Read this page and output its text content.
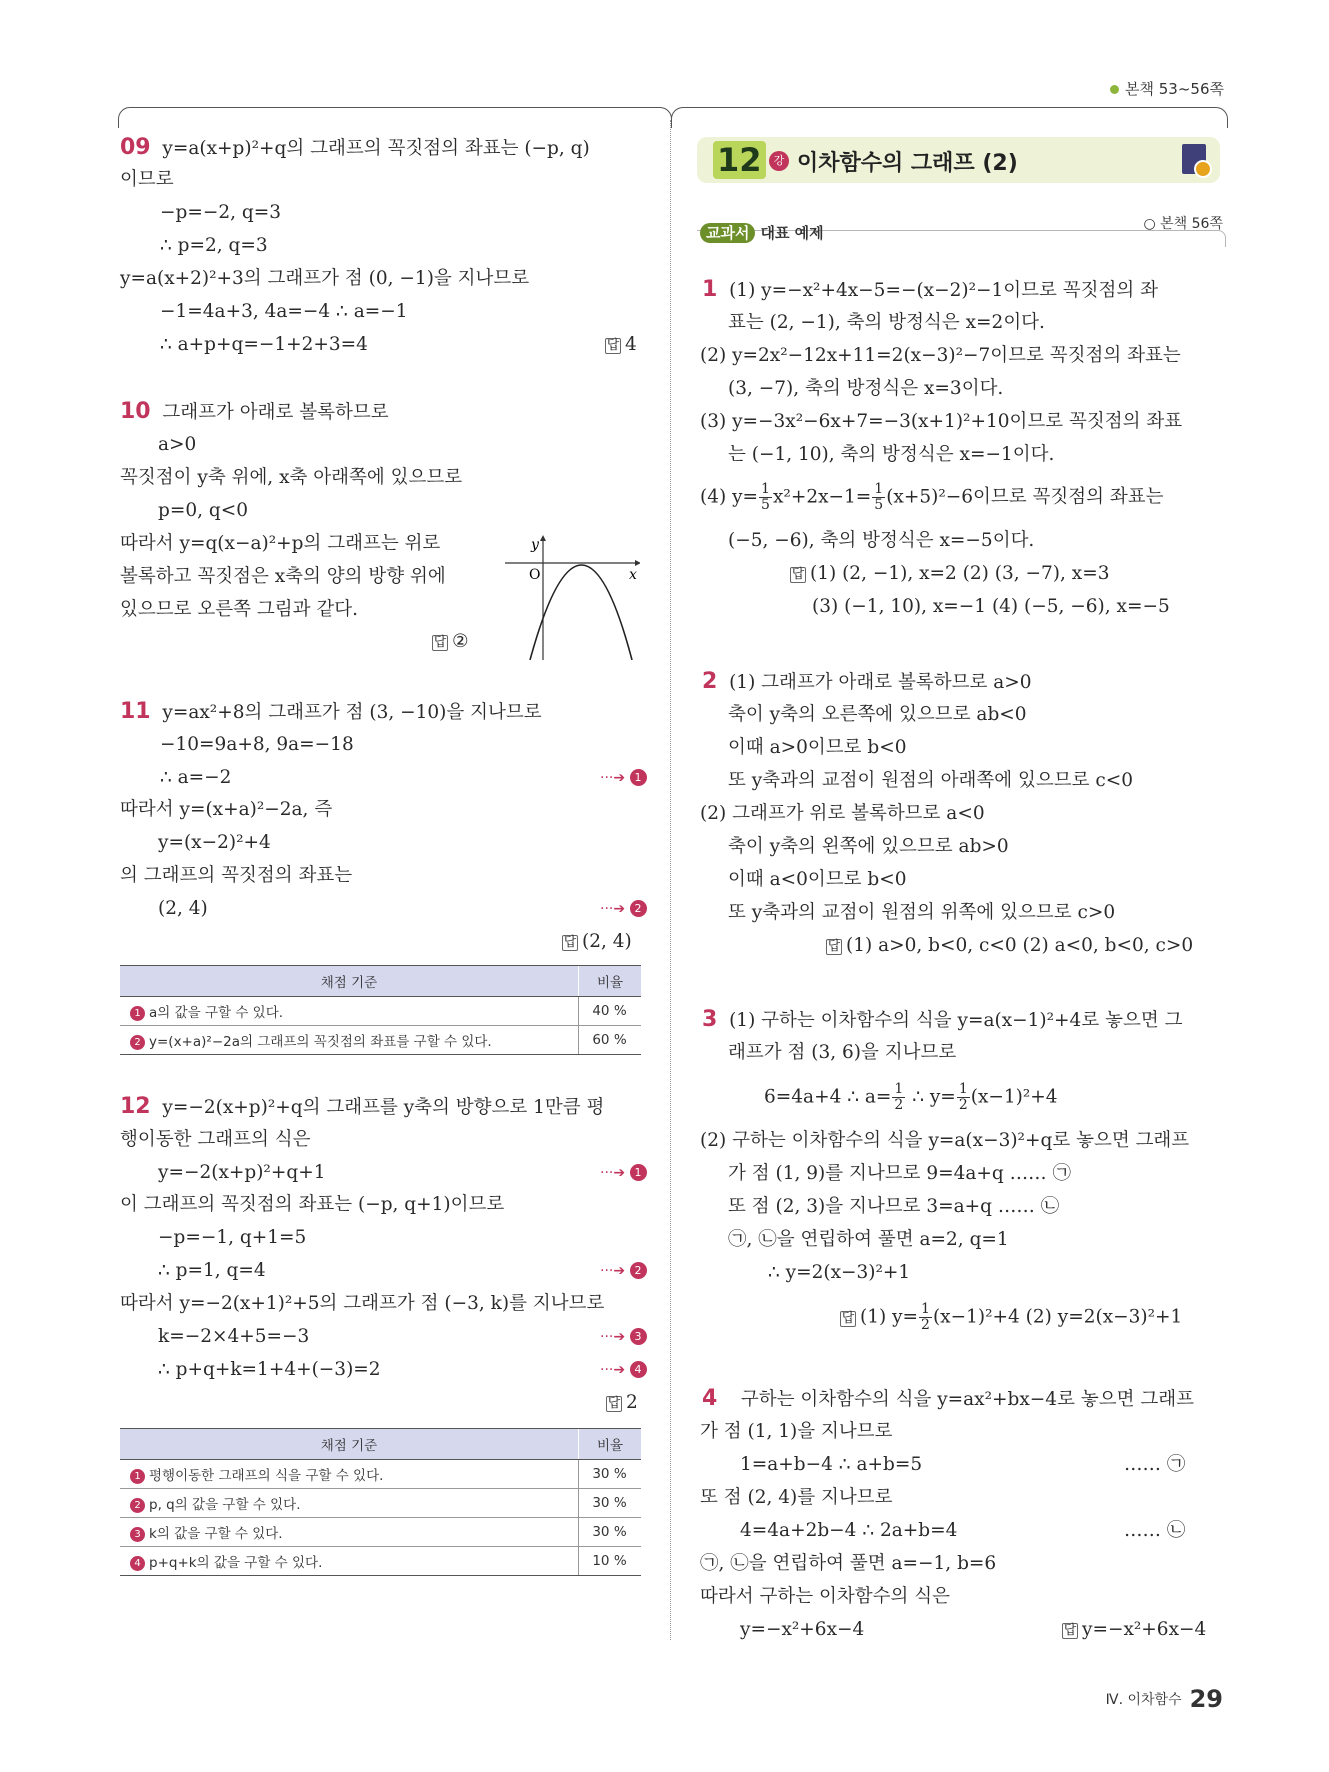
본책 53~56쪽
09 y=a(x+p)²+q의 그래프의 꼭짓점의 좌표는 (−p, q)
이므로
−p=−2, q=3
∴ p=2, q=3
y=a(x+2)²+3의 그래프가 점 (0, −1)을 지나므로
−1=4a+3, 4a=−4 ∴ a=−1
∴ a+p+q=−1+2+3=4	답 4
10 그래프가 아래로 볼록하므로
a>0
꼭짓점이 y축 위에, x축 아래쪽에 있으므로
p=0, q<0
따라서 y=q(x−a)²+p의 그래프는 위로
볼록하고 꼭짓점은 x축의 양의 방향 위에
있으므로 오른쪽 그림과 같다.
답 ②
y
x
O
11 y=ax²+8의 그래프가 점 (3, −10)을 지나므로
−10=9a+8, 9a=−18
∴ a=−2	···➔ 1
따라서 y=(x+a)²−2a, 즉
y=(x−2)²+4
의 그래프의 꼭짓점의 좌표는
(2, 4)	···➔ 2
답 (2, 4)
채점 기준	비율
1 a의 값을 구할 수 있다.	40 %
2 y=(x+a)²−2a의 그래프의 꼭짓점의 좌표를 구할 수 있다.	60 %
12 y=−2(x+p)²+q의 그래프를 y축의 방향으로 1만큼 평
행이동한 그래프의 식은
y=−2(x+p)²+q+1	···➔ 1
이 그래프의 꼭짓점의 좌표는 (−p, q+1)이므로
−p=−1, q+1=5
∴ p=1, q=4	···➔ 2
따라서 y=−2(x+1)²+5의 그래프가 점 (−3, k)를 지나므로
k=−2×4+5=−3	···➔ 3
∴ p+q+k=1+4+(−3)=2	···➔ 4
답 2
채점 기준	비율
1 평행이동한 그래프의 식을 구할 수 있다.	30 %
2 p, q의 값을 구할 수 있다.	30 %
3 k의 값을 구할 수 있다.	30 %
4 p+q+k의 값을 구할 수 있다.	10 %
12	강 이차함수의 그래프 (2)
교과서 대표 예제	○ 본책 56쪽
1 (1) y=−x²+4x−5=−(x−2)²−1이므로 꼭짓점의 좌
표는 (2, −1), 축의 방정식은 x=2이다.
(2) y=2x²−12x+11=2(x−3)²−7이므로 꼭짓점의 좌표는
(3, −7), 축의 방정식은 x=3이다.
(3) y=−3x²−6x+7=−3(x+1)²+10이므로 꼭짓점의 좌표
는 (−1, 10), 축의 방정식은 x=−1이다.
(4) $y= \frac{1}{5} x^2+2x-1= \frac{1}{5} (x+5)^2-6$이므로 꼭짓점의 좌표는
(−5, −6), 축의 방정식은 x=−5이다.
답 (1) (2, −1), x=2 (2) (3, −7), x=3
(3) (−1, 10), x=−1 (4) (−5, −6), x=−5
2 (1) 그래프가 아래로 볼록하므로 a>0
축이 y축의 오른쪽에 있으므로 ab<0
이때 a>0이므로 b<0
또 y축과의 교점이 원점의 아래쪽에 있으므로 c<0
(2) 그래프가 위로 볼록하므로 a<0
축이 y축의 왼쪽에 있으므로 ab>0
이때 a<0이므로 b<0
또 y축과의 교점이 원점의 위쪽에 있으므로 c>0
답 (1) a>0, b<0, c<0 (2) a<0, b<0, c>0
3 (1) 구하는 이차함수의 식을 y=a(x−1)²+4로 놓으면 그
래프가 점 (3, 6)을 지나므로
6=4a+4 ∴ $a= \frac{1}{2}$ ∴ $y= \frac{1}{2} (x-1)^2+4$
(2) 구하는 이차함수의 식을 y=a(x−3)²+q로 놓으면 그래프
가 점 (1, 9)를 지나므로 9=4a+q …… ㉠
또 점 (2, 3)을 지나므로 3=a+q …… ㉡
㉠, ㉡을 연립하여 풀면 a=2, q=1
∴ y=2(x−3)²+1
답 (1) $y= \frac{1}{2} (x-1)^2+4$ (2) y=2(x−3)²+1
4 구하는 이차함수의 식을 y=ax²+bx−4로 놓으면 그래프
가 점 (1, 1)을 지나므로
1=a+b−4 ∴ a+b=5	…… ㉠
또 점 (2, 4)를 지나므로
4=4a+2b−4 ∴ 2a+b=4	…… ㉡
㉠, ㉡을 연립하여 풀면 a=−1, b=6
따라서 구하는 이차함수의 식은
y=−x²+6x−4	답 y=−x²+6x−4
Ⅳ. 이차함수 29
